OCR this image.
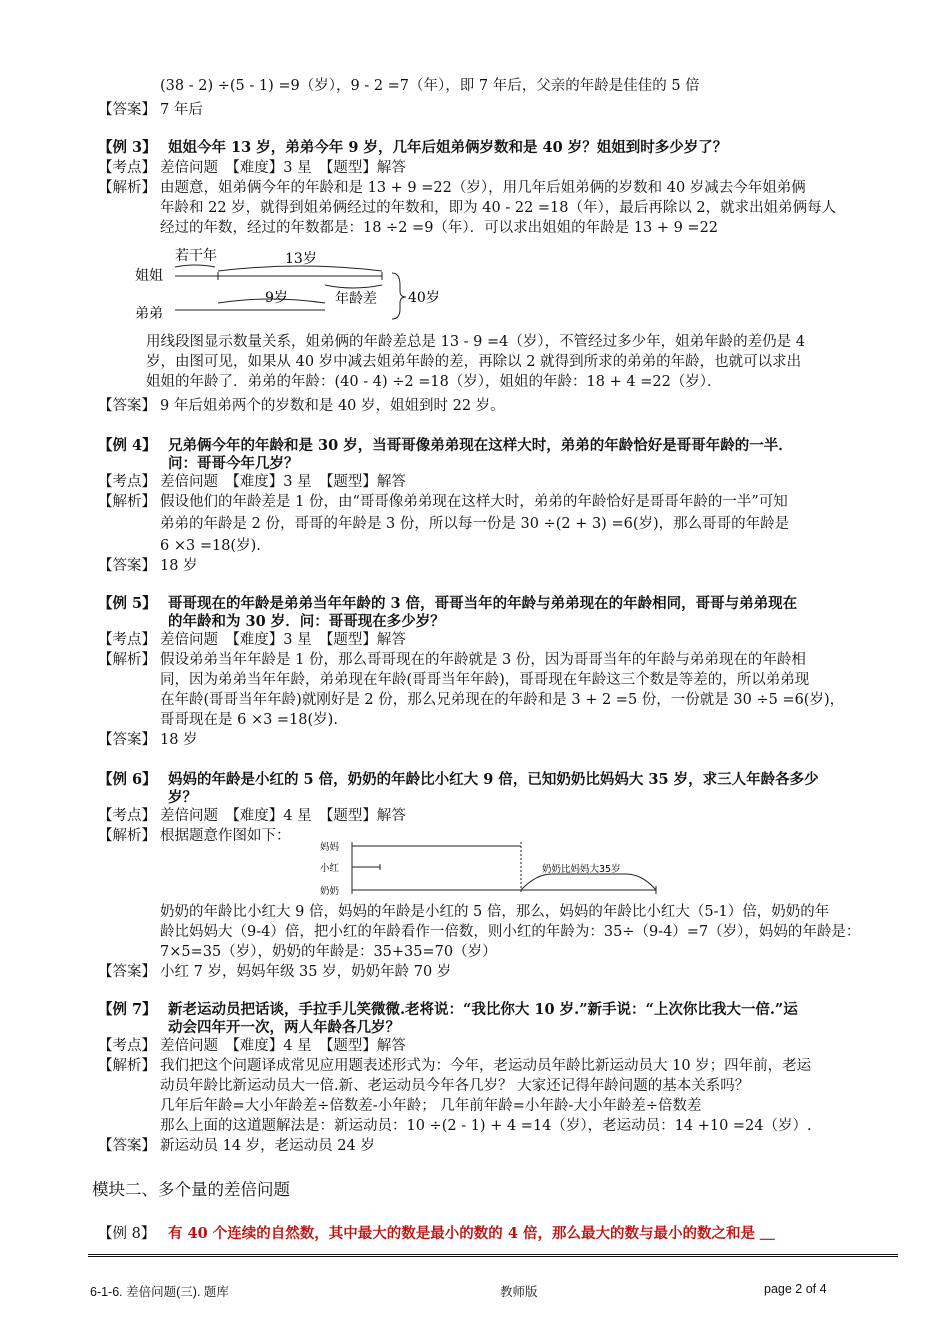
(38 - 2) ÷(5 - 1) =9（岁），9 - 2 =7（年），即 7 年后，父亲的年龄是佳佳的 5 倍
【答案】 7 年后
【例 3】 姐姐今年 13 岁，弟弟今年 9 岁，几年后姐弟俩岁数和是 40 岁？姐姐到时多少岁了？
【考点】 差倍问题　【难度】3 星　【题型】解答
【解析】 由题意，姐弟俩今年的年龄和是 13 + 9 =22（岁），用几年后姐弟俩的岁数和 40 岁减去今年姐弟俩
年龄和 22 岁，就得到姐弟俩经过的年数和，即为 40 - 22 =18（年），最后再除以 2，就求出姐弟俩每人
经过的年数，经过的年数都是：18 ÷2 =9（年）．可以求出姐姐的年龄是 13 + 9 =22
若干年
姐姐
13岁
弟弟
9岁	年龄差 40岁
用线段图显示数量关系，姐弟俩的年龄差总是 13 - 9 =4（岁），不管经过多少年，姐弟年龄的差仍是 4
岁，由图可见，如果从 40 岁中减去姐弟年龄的差，再除以 2 就得到所求的弟弟的年龄，也就可以求出
姐姐的年龄了．弟弟的年龄：(40 - 4) ÷2 =18（岁），姐姐的年龄：18 + 4 =22（岁）．
【答案】 9 年后姐弟两个的岁数和是 40 岁，姐姐到时 22 岁。
【例 4】 兄弟俩今年的年龄和是 30 岁，当哥哥像弟弟现在这样大时，弟弟的年龄恰好是哥哥年龄的一半．
问：哥哥今年几岁？
【考点】 差倍问题　【难度】3 星　【题型】解答
【解析】 假设他们的年龄差是 1 份，由“哥哥像弟弟现在这样大时，弟弟的年龄恰好是哥哥年龄的一半”可知
弟弟的年龄是 2 份，哥哥的年龄是 3 份，所以每一份是 30 ÷(2 + 3) =6(岁)，那么哥哥的年龄是
6 ×3 =18(岁).
【答案】 18 岁
【例 5】 哥哥现在的年龄是弟弟当年年龄的 3 倍，哥哥当年的年龄与弟弟现在的年龄相同，哥哥与弟弟现在
的年龄和为 30 岁．问：哥哥现在多少岁？
【考点】 差倍问题　【难度】3 星　【题型】解答
【解析】 假设弟弟当年年龄是 1 份，那么哥哥现在的年龄就是 3 份，因为哥哥当年的年龄与弟弟现在的年龄相
同，因为弟弟当年年龄，弟弟现在年龄(哥哥当年年龄)，哥哥现在年龄这三个数是等差的，所以弟弟现
在年龄(哥哥当年年龄)就刚好是 2 份，那么兄弟现在的年龄和是 3 + 2 =5 份，一份就是 30 ÷5 =6(岁)，
哥哥现在是 6 ×3 =18(岁).
【答案】 18 岁
【例 6】 妈妈的年龄是小红的 5 倍，奶奶的年龄比小红大 9 倍，已知奶奶比妈妈大 35 岁，求三人年龄各多少
岁？
【考点】 差倍问题　【难度】4 星　【题型】解答
【解析】 根据题意作图如下：
妈妈
小红
奶奶
奶奶比妈妈大35岁
奶奶的年龄比小红大 9 倍，妈妈的年龄是小红的 5 倍，那么，妈妈的年龄比小红大（5-1）倍，奶奶的年
龄比妈妈大（9-4）倍，把小红的年龄看作一倍数，则小红的年龄为：35÷（9-4）=7（岁），妈妈的年龄是：
7×5=35（岁），奶奶的年龄是：35+35=70（岁）
【答案】 小红 7 岁，妈妈年级 35 岁，奶奶年龄 70 岁
【例 7】 新老运动员把话谈，手拉手儿笑微微.老将说：“我比你大 10 岁.”新手说：“上次你比我大一倍.”运
动会四年开一次，两人年龄各几岁？
【考点】 差倍问题　【难度】4 星　【题型】解答
【解析】 我们把这个问题译成常见应用题表述形式为：今年，老运动员年龄比新运动员大 10 岁；四年前，老运
动员年龄比新运动员大一倍.新、老运动员今年各几岁？ 大家还记得年龄问题的基本关系吗？
几年后年龄=大小年龄差÷倍数差-小年龄； 几年前年龄=小年龄-大小年龄差÷倍数差
那么上面的这道题解法是：新运动员：10 ÷(2 - 1) + 4 =14（岁），老运动员：14 +10 =24（岁）.
【答案】 新运动员 14 岁，老运动员 24 岁
模块二、多个量的差倍问题
【例 8】 有 40 个连续的自然数，其中最大的数是最小的数的 4 倍，那么最大的数与最小的数之和是 ＿
6-1-6. 差倍问题(三). 题库	教师版	page 2 of 4
